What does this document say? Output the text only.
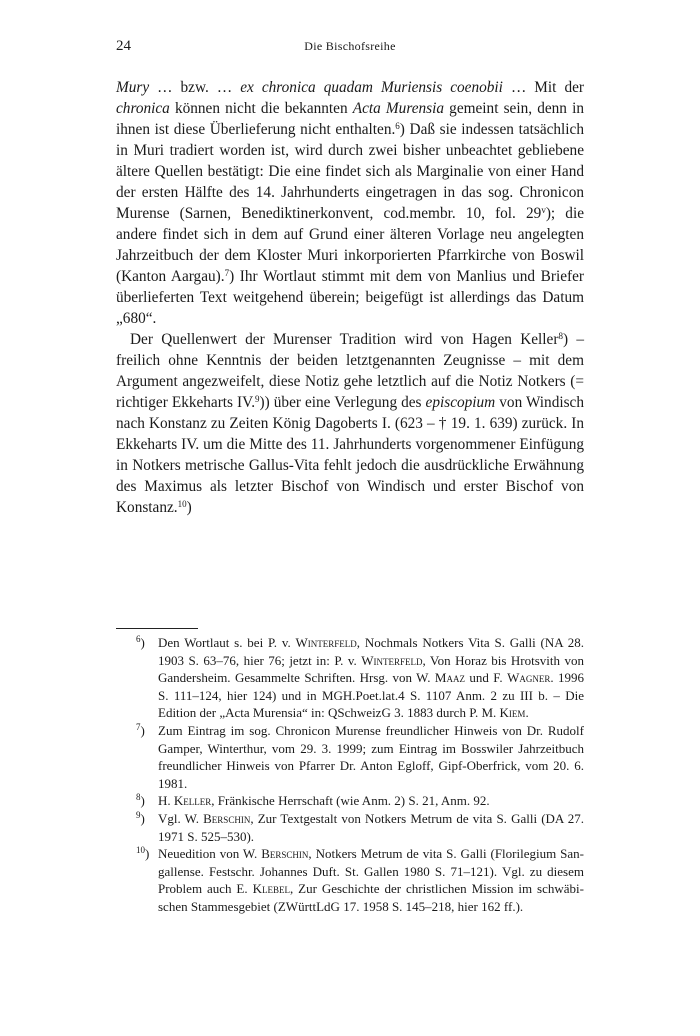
24	Die Bischofsreihe

Mury … bzw. … ex chronica quadam Muriensis coenobii … Mit der chronica können nicht die bekannten Acta Murensia gemeint sein, denn in ihnen ist diese Überlieferung nicht enthalten.$^6$) Daß sie indessen tatsächlich in Muri tradiert worden ist, wird durch zwei bisher unbeachtet gebliebene ältere Quellen bestätigt: Die eine findet sich als Marginalie von einer Hand der ersten Hälfte des 14. Jahrhunderts eingetragen in das sog. Chronicon Murense (Sarnen, Benediktinerkonvent, cod.membr. 10, fol. 29$^v$); die andere findet sich in dem auf Grund einer älteren Vorlage neu angelegten Jahrzeitbuch der dem Kloster Muri inkorporierten Pfarrkirche von Boswil (Kanton Aargau).$^7$) Ihr Wortlaut stimmt mit dem von Manlius und Briefer überlieferten Text weitgehend überein; beigefügt ist allerdings das Datum „680“.

Der Quellenwert der Murenser Tradition wird von Hagen Keller$^8$) – freilich ohne Kenntnis der beiden letztgenannten Zeugnisse – mit dem Argument angezweifelt, diese Notiz gehe letztlich auf die Notiz Notkers (= richtiger Ekkeharts IV.$^9$)) über eine Verlegung des episcopium von Windisch nach Konstanz zu Zeiten König Dagoberts I. (623 – † 19. 1. 639) zurück. In Ekkeharts IV. um die Mitte des 11. Jahrhunderts vorgenommener Einfügung in Notkers metrische Gallus-Vita fehlt jedoch die ausdrückliche Erwähnung des Maximus als letzter Bischof von Windisch und erster Bischof von Konstanz.$^{10}$)

$^6$)	Den Wortlaut s. bei P. v. Winterfeld, Nochmals Notkers Vita S. Galli (NA 28. 1903 S. 63–76, hier 76; jetzt in: P. v. Winterfeld, Von Horaz bis Hrotsvith von Gandersheim. Gesammelte Schriften. Hrsg. von W. Maaz und F. Wagner. 1996 S. 111–124, hier 124) und in MGH.Poet.lat.4 S. 1107 Anm. 2 zu III b. – Die Edition der „Acta Murensia“ in: QSchweizG 3. 1883 durch P. M. Kiem.
$^7$)	Zum Eintrag im sog. Chronicon Murense freundlicher Hinweis von Dr. Rudolf Gamper, Winterthur, vom 29. 3. 1999; zum Eintrag im Bosswiler Jahrzeitbuch freundlicher Hinweis von Pfarrer Dr. Anton Egloff, Gipf-Oberfrick, vom 20. 6. 1981.
$^8$)	H. Keller, Fränkische Herrschaft (wie Anm. 2) S. 21, Anm. 92.
$^9$)	Vgl. W. Berschin, Zur Textgestalt von Notkers Metrum de vita S. Galli (DA 27. 1971 S. 525–530).
$^{10}$) Neuedition von W. Berschin, Notkers Metrum de vita S. Galli (Florilegium Sangallense. Festschr. Johannes Duft. St. Gallen 1980 S. 71–121). Vgl. zu diesem Problem auch E. Klebel, Zur Geschichte der christlichen Mission im schwäbischen Stammesgebiet (ZWürttLdG 17. 1958 S. 145–218, hier 162 ff.).
